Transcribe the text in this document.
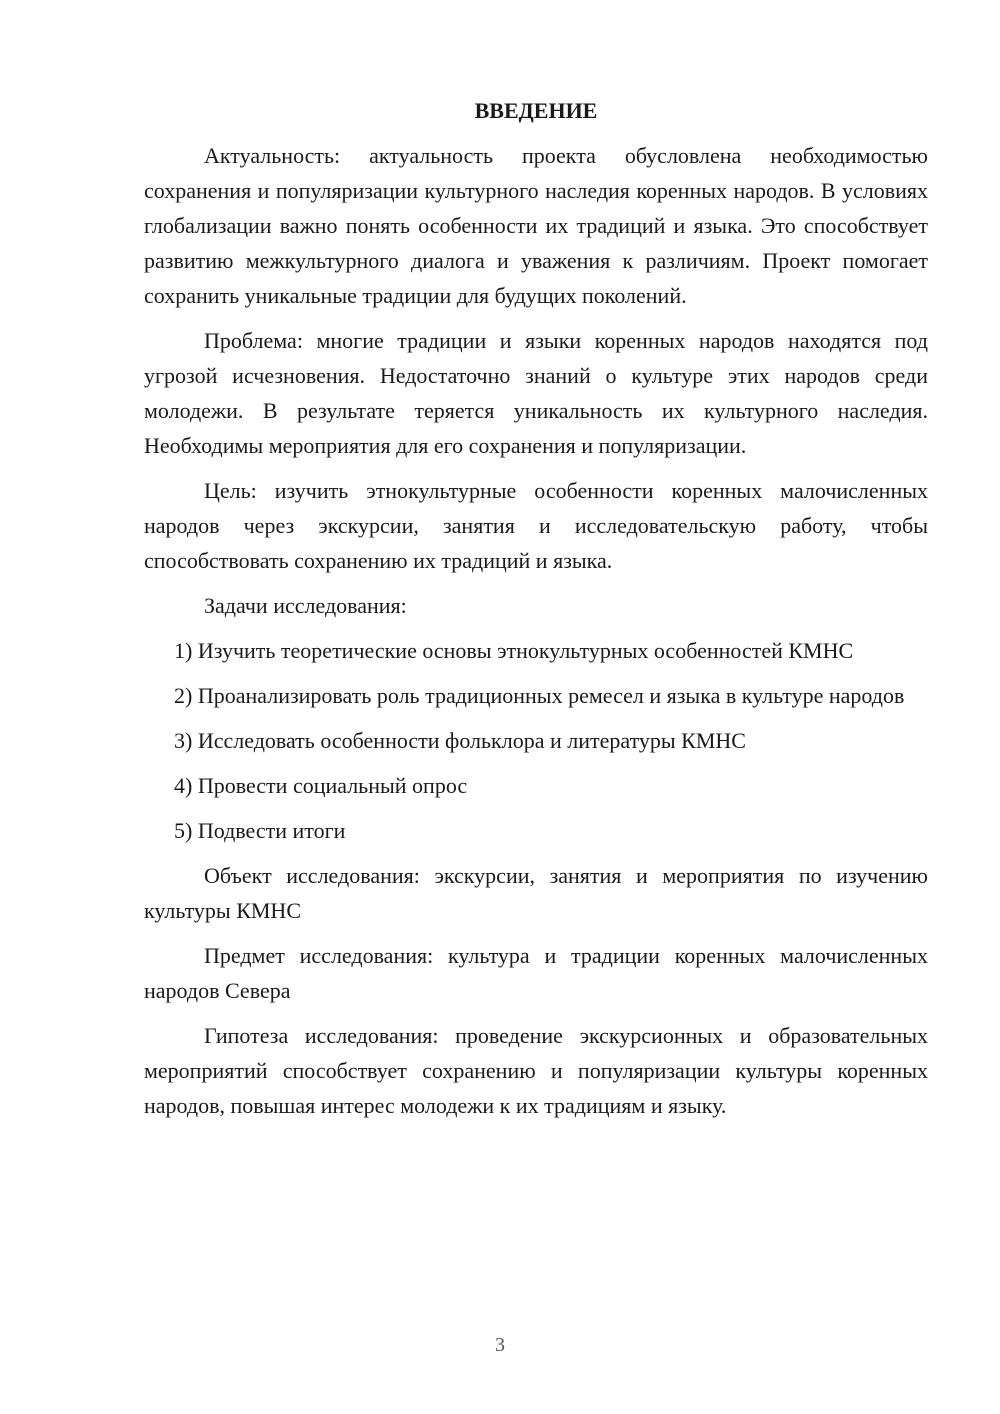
ВВЕДЕНИЕ

Актуальность: актуальность проекта обусловлена необходимостью сохранения и популяризации культурного наследия коренных народов. В условиях глобализации важно понять особенности их традиций и языка. Это способствует развитию межкультурного диалога и уважения к различиям. Проект помогает сохранить уникальные традиции для будущих поколений.

Проблема: многие традиции и языки коренных народов находятся под угрозой исчезновения. Недостаточно знаний о культуре этих народов среди молодежи. В результате теряется уникальность их культурного наследия. Необходимы мероприятия для его сохранения и популяризации.

Цель: изучить этнокультурные особенности коренных малочисленных народов через экскурсии, занятия и исследовательскую работу, чтобы способствовать сохранению их традиций и языка.

Задачи исследования:

1) Изучить теоретические основы этнокультурных особенностей КМНС

2) Проанализировать роль традиционных ремесел и языка в культуре народов

3) Исследовать особенности фольклора и литературы КМНС

4) Провести социальный опрос

5) Подвести итоги

Объект исследования: экскурсии, занятия и мероприятия по изучению культуры КМНС

Предмет исследования: культура и традиции коренных малочисленных народов Севера

Гипотеза исследования: проведение экскурсионных и образовательных мероприятий способствует сохранению и популяризации культуры коренных народов, повышая интерес молодежи к их традициям и языку.

3
